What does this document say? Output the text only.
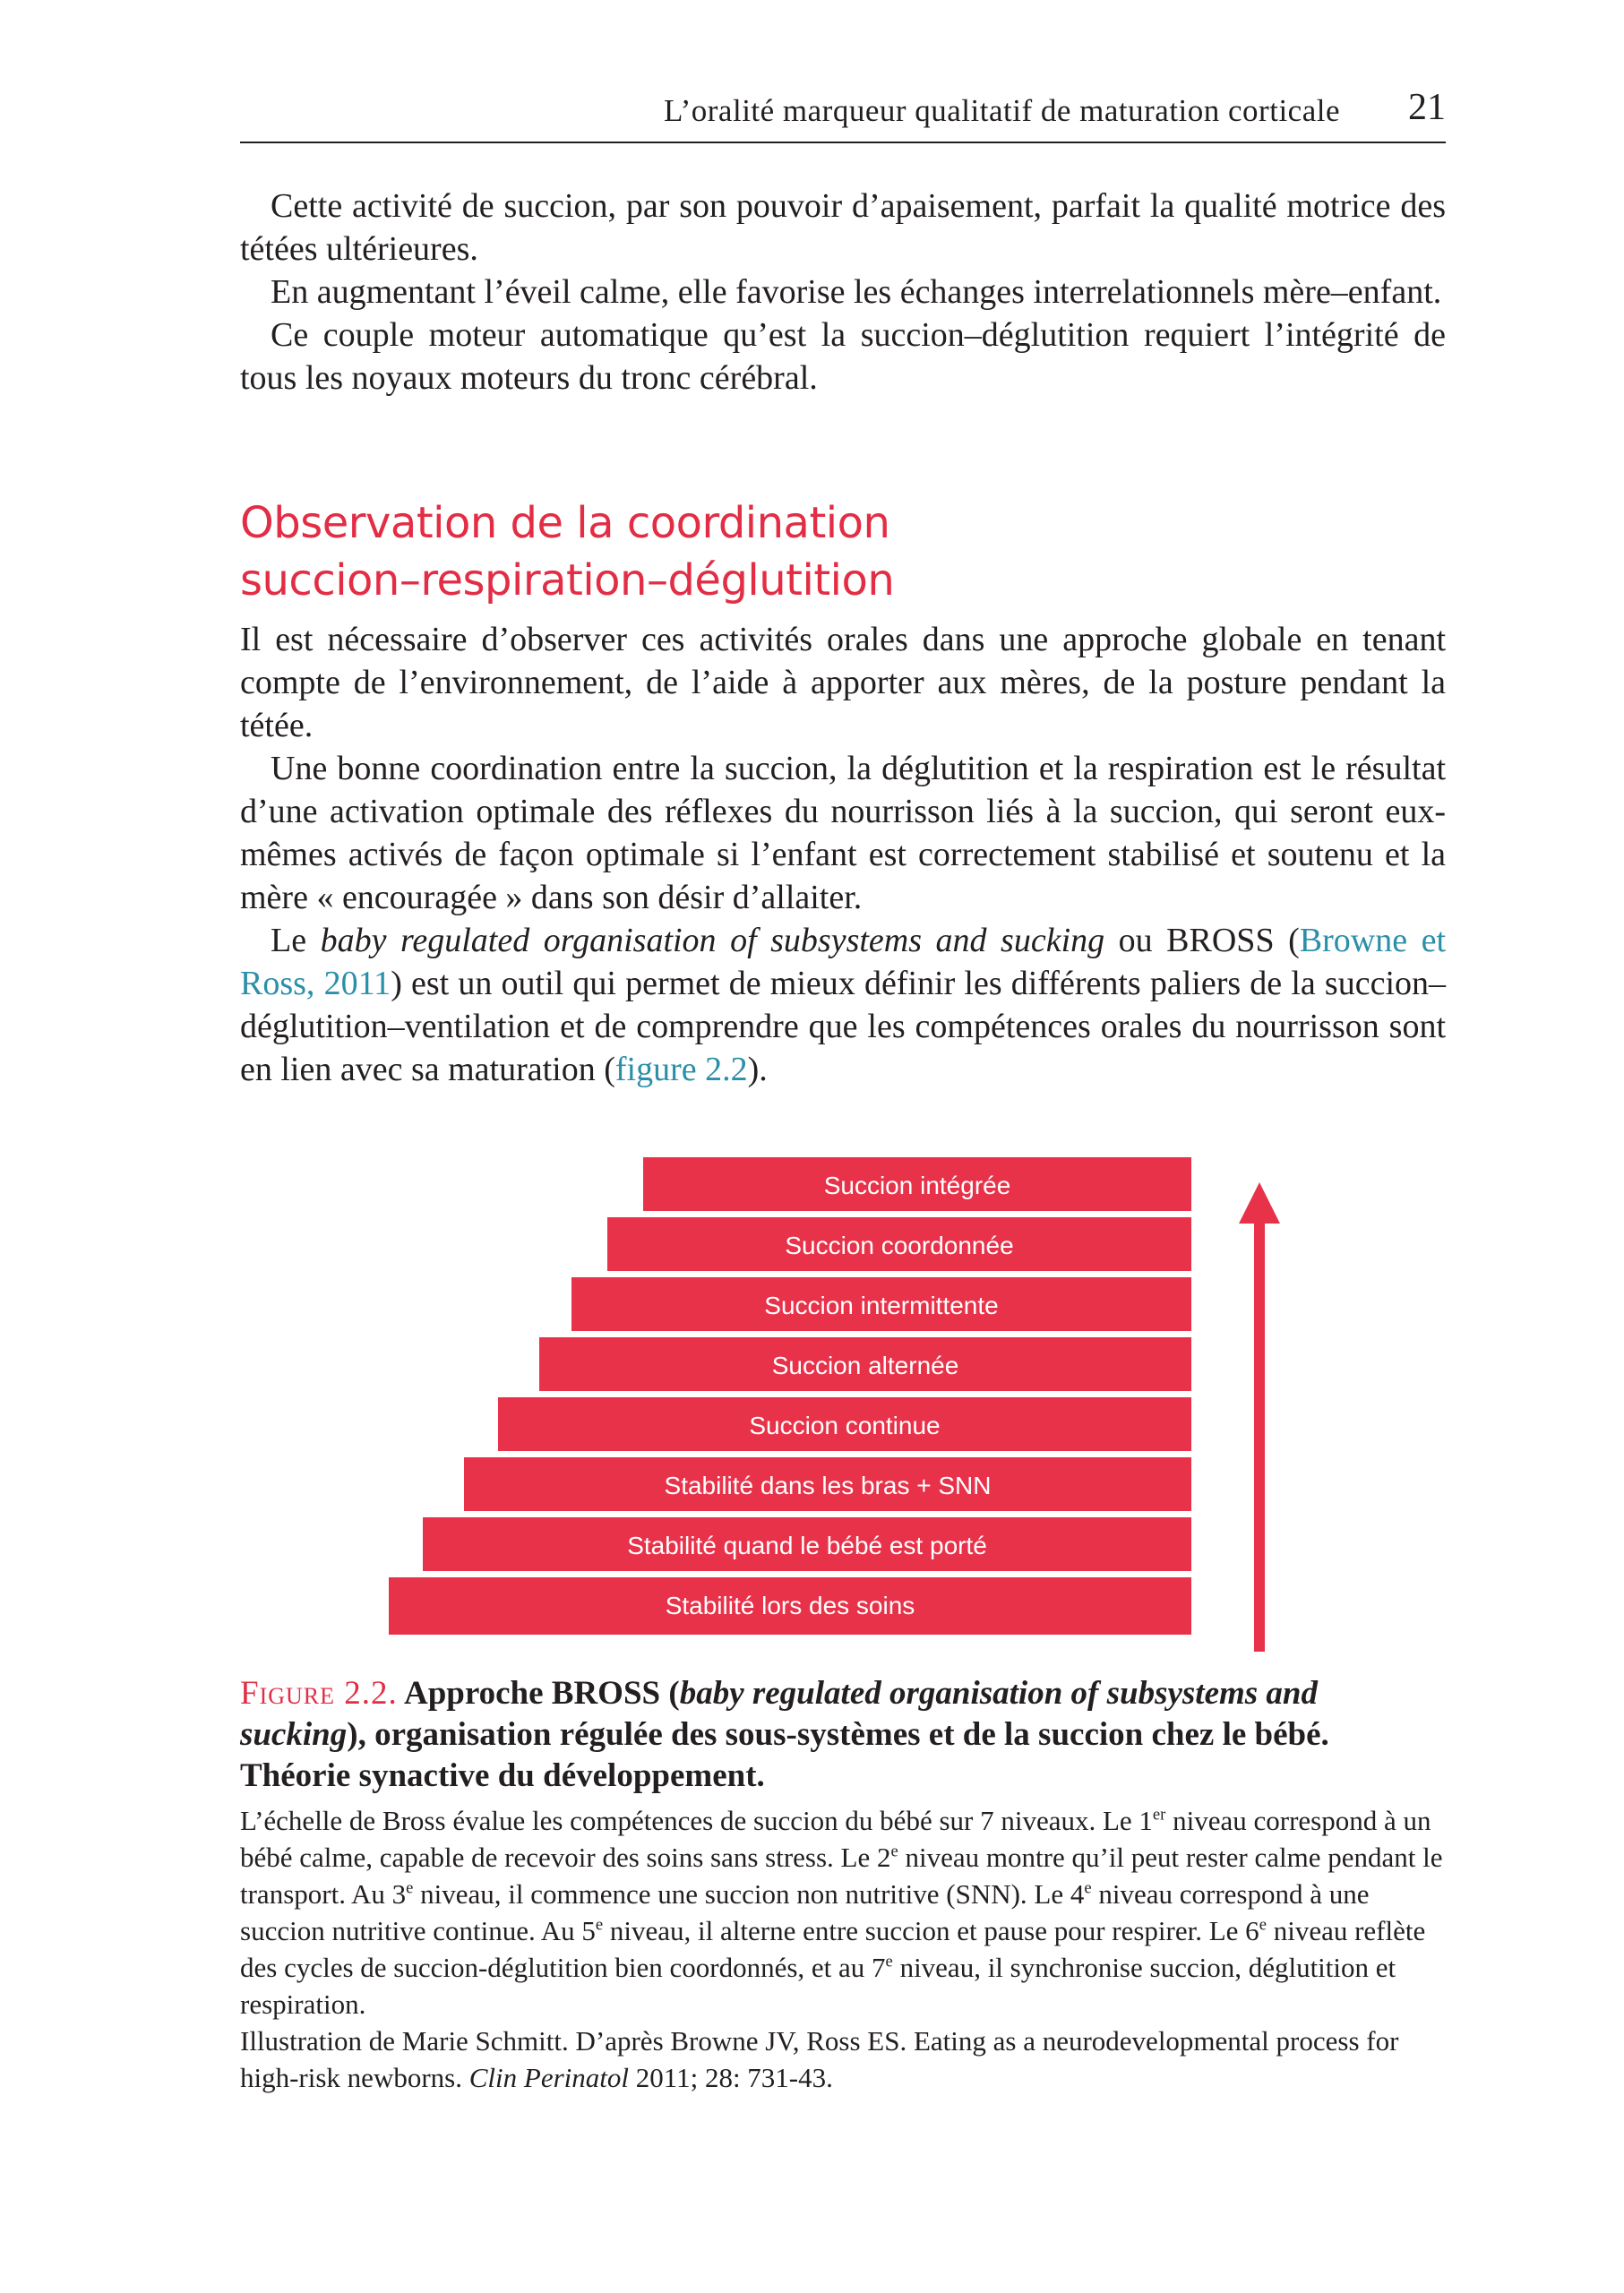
L’oralité marqueur qualitatif de maturation corticale 21

Cette activité de succion, par son pouvoir d’apaisement, parfait la qualité motrice des tétées ultérieures.

En augmentant l’éveil calme, elle favorise les échanges interrelationnels mère–enfant.

Ce couple moteur automatique qu’est la succion–déglutition requiert l’intégrité de tous les noyaux moteurs du tronc cérébral.

Observation de la coordination
succion–respiration–déglutition

Il est nécessaire d’observer ces activités orales dans une approche globale en tenant compte de l’environnement, de l’aide à apporter aux mères, de la posture pendant la tétée.

Une bonne coordination entre la succion, la déglutition et la respiration est le résultat d’une activation optimale des réflexes du nourrisson liés à la succion, qui seront eux-mêmes activés de façon optimale si l’enfant est correctement stabilisé et soutenu et la mère « encouragée » dans son désir d’allaiter.

Le baby regulated organisation of subsystems and sucking ou BROSS (Browne et Ross, 2011) est un outil qui permet de mieux définir les différents paliers de la succion–déglutition–ventilation et de comprendre que les compétences orales du nourrisson sont en lien avec sa maturation (figure 2.2).

Succion intégrée
Succion coordonnée
Succion intermittente
Succion alternée
Succion continue
Stabilité dans les bras + SNN
Stabilité quand le bébé est porté
Stabilité lors des soins
Figure 2.2. Approche BROSS (baby regulated organisation of subsystems and sucking), organisation régulée des sous-systèmes et de la succion chez le bébé. Théorie synactive du développement.
L’échelle de Bross évalue les compétences de succion du bébé sur 7 niveaux. Le 1er niveau correspond à un bébé calme, capable de recevoir des soins sans stress. Le 2e niveau montre qu’il peut rester calme pendant le transport. Au 3e niveau, il commence une succion non nutritive (SNN). Le 4e niveau correspond à une succion nutritive continue. Au 5e niveau, il alterne entre succion et pause pour respirer. Le 6e niveau reflète des cycles de succion-déglutition bien coordonnés, et au 7e niveau, il synchronise succion, déglutition et respiration.
Illustration de Marie Schmitt. D’après Browne JV, Ross ES. Eating as a neurodevelopmental process for high-risk newborns. Clin Perinatol 2011; 28: 731-43.
